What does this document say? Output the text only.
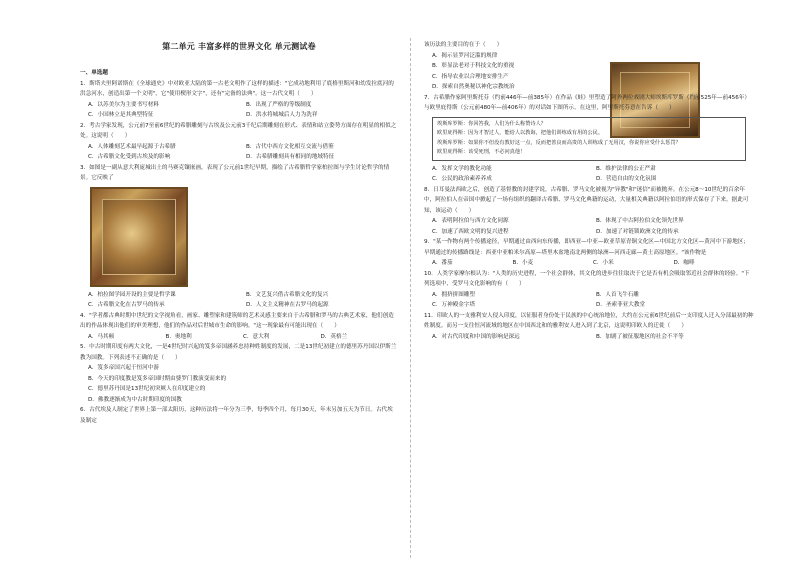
第二单元 丰富多样的世界文化 单元测试卷

一、单选题

1．斯塔夫里阿诺斯在《全球通史》中对欧亚大陆的第一古老文明作了这样的描述："它成功地利用了底格里斯河和幼发拉底河的洪急河水，创造出第一个文明"，它"使用楔形文字"，还有"完备的法典"。这一古代文明（　　）

A．以苏美尔为主要书写材料	B．出现了严格的等级制度
C．小国林立是其典型特征	D．洪水将城城后人力为洗祥

2．考古学家发现，公元前7至前6世纪的希腊雕刻与古埃及公元前3千纪后期雕刻在形式、表情和站立姿势方面存在明显的相似之处。这说明（　　）

A．人体雕刻艺术最早起源于古希腊	B．古代中西方文化相互交流与借鉴
C．古希腊文化受到古埃及的影响	D．古希腊雕刻具有相同的地域特征

3．如图是一副从意大利庞城出土的马赛克镶嵌画，表现了公元前1世纪早期，描绘了古希腊哲学家柏拉图与学生讨论哲学的情景。它反映了

A．柏拉图学园开设的主要是哲学课	B．文艺复兴借古希腊文化的复兴
C．古希腊文化在古罗马的传承	D．人文主义精神在古罗马的起源

4．"学者都古典时期中世纪的文学视角看，画家、雕塑家和建筑师的艺术灵感主要来自于古希腊和罗马的古典艺术家，他们创造出的作品体现出他们的审美理想，他们的作品对后世城市生命的影响。"这一现象最有可能出现在（　　）

A．马其顿	B．奥地利	C．意大利	D．英格兰

5．中古时期印度有两大文化，一是4世纪时兴起的笈多帝国涵养忠持种姓制度的发展，二是13世纪初建立的德里苏丹国以伊斯兰教为国教。下列表述不正确的是（　　）

A．笈多帝国兴起于恒河中游

B．今天的印度教是笈多帝国时期由婆罗门教演变而来的

C．德里苏丹国是13世纪初突厥人在印度建立的

D．佛教逐渐成为中古时期印度的国教

6．古代埃及人制定了世界上第一部太阳历，这种历法将一年分为三季，每季四个月，每月30天，年末另加五天为节日。古代埃及制定

该历法的主要目的在于（　　）

A．揭示显罗河泛滥的规律

B．彰显法老对于科技文化的重视

C．指导农业以合理地安排生产

D．探索自然奥秘以神化宗教统治

7．古希腊作家阿里斯托芬（约前446年—前385年）在作品《蛙》里塑造了阿外两位戏剧大师埃斯库罗斯（约前525年—前456年）与欧里庇得斯（公元前480年—前406年）的对话如下图所示。在这里，阿里斯托芬意在告诉（　　）

埃斯库罗斯：你回答我，人们为什么称赞诗人？

欧里庇得斯：因为才智过人，能给人以教诲，把他们训练成有用的公民。

埃斯库罗斯：如果你不但没有教好这一点，反而把善良而高贵的人训练成了无用汉，你说你应受什么惩罚？

欧里庇得斯：该受死刑，不必问真他！

A．发挥文学的教化功能	B．维护法律的公正严肃
C．公民的政治素养养成	D．营造自由的文化氛围

8．日耳曼法西欧之后，创造了基督教的封建学说，古希腊、罗马文化被视为"异教"和"迷信"而被抛弃。在公元8～10世纪的百余年中，阿拉伯人在帝国中掀起了一场有组织的翻译古希腊、罗马文化典籍的运动，大量相关典籍以阿拉伯语的形式保存了下来。据此可知，该运动（　　）

A．表明阿拉伯与西方文化同源	B．体现了中古阿拉伯文化领先世界
C．加速了西欧文明的复兴进程	D．加速了对链锁欧洲文化的传承

9．"某一作物有两个传播途径，早期通过由西向东传播，即西亚—中亚—欧亚草原青铜文化区—中国北方文化区—黄河中下游地区；早期通过的传播路线是：西亚中亚帕米尔高原—塔里木盆地南北两侧的绿洲—河西走廊—黄土高原地区。"该作物是

A．番茄	B．小麦	C．小米	D．咖啡

10．人类学家摩尔根认为："人类的历史进程，一个社会群体，其文化的进步往往取决于它是否有机会吸取邻近社会群体的经验。"下列选项中，受罗马文化影响的有（　　）

A．拥挤拼图雕塑	B．人首飞牛石雕
C．万神殿金字塔	D．圣索菲亚大教堂

11．印欧人的一支雅利安人侵入印度，以征服者身份处于民族的中心统治地位，大约在公元前6世纪前后一支印度人迁入分部最初的种姓制度。而另一支往恒河流域的地区在中国西北和的雅利安人进入到了北京，这说明印欧人的迁徙（　　）

A．对古代印度和中国的影响是深远	B．加剧了被征服地区的社会不平等
